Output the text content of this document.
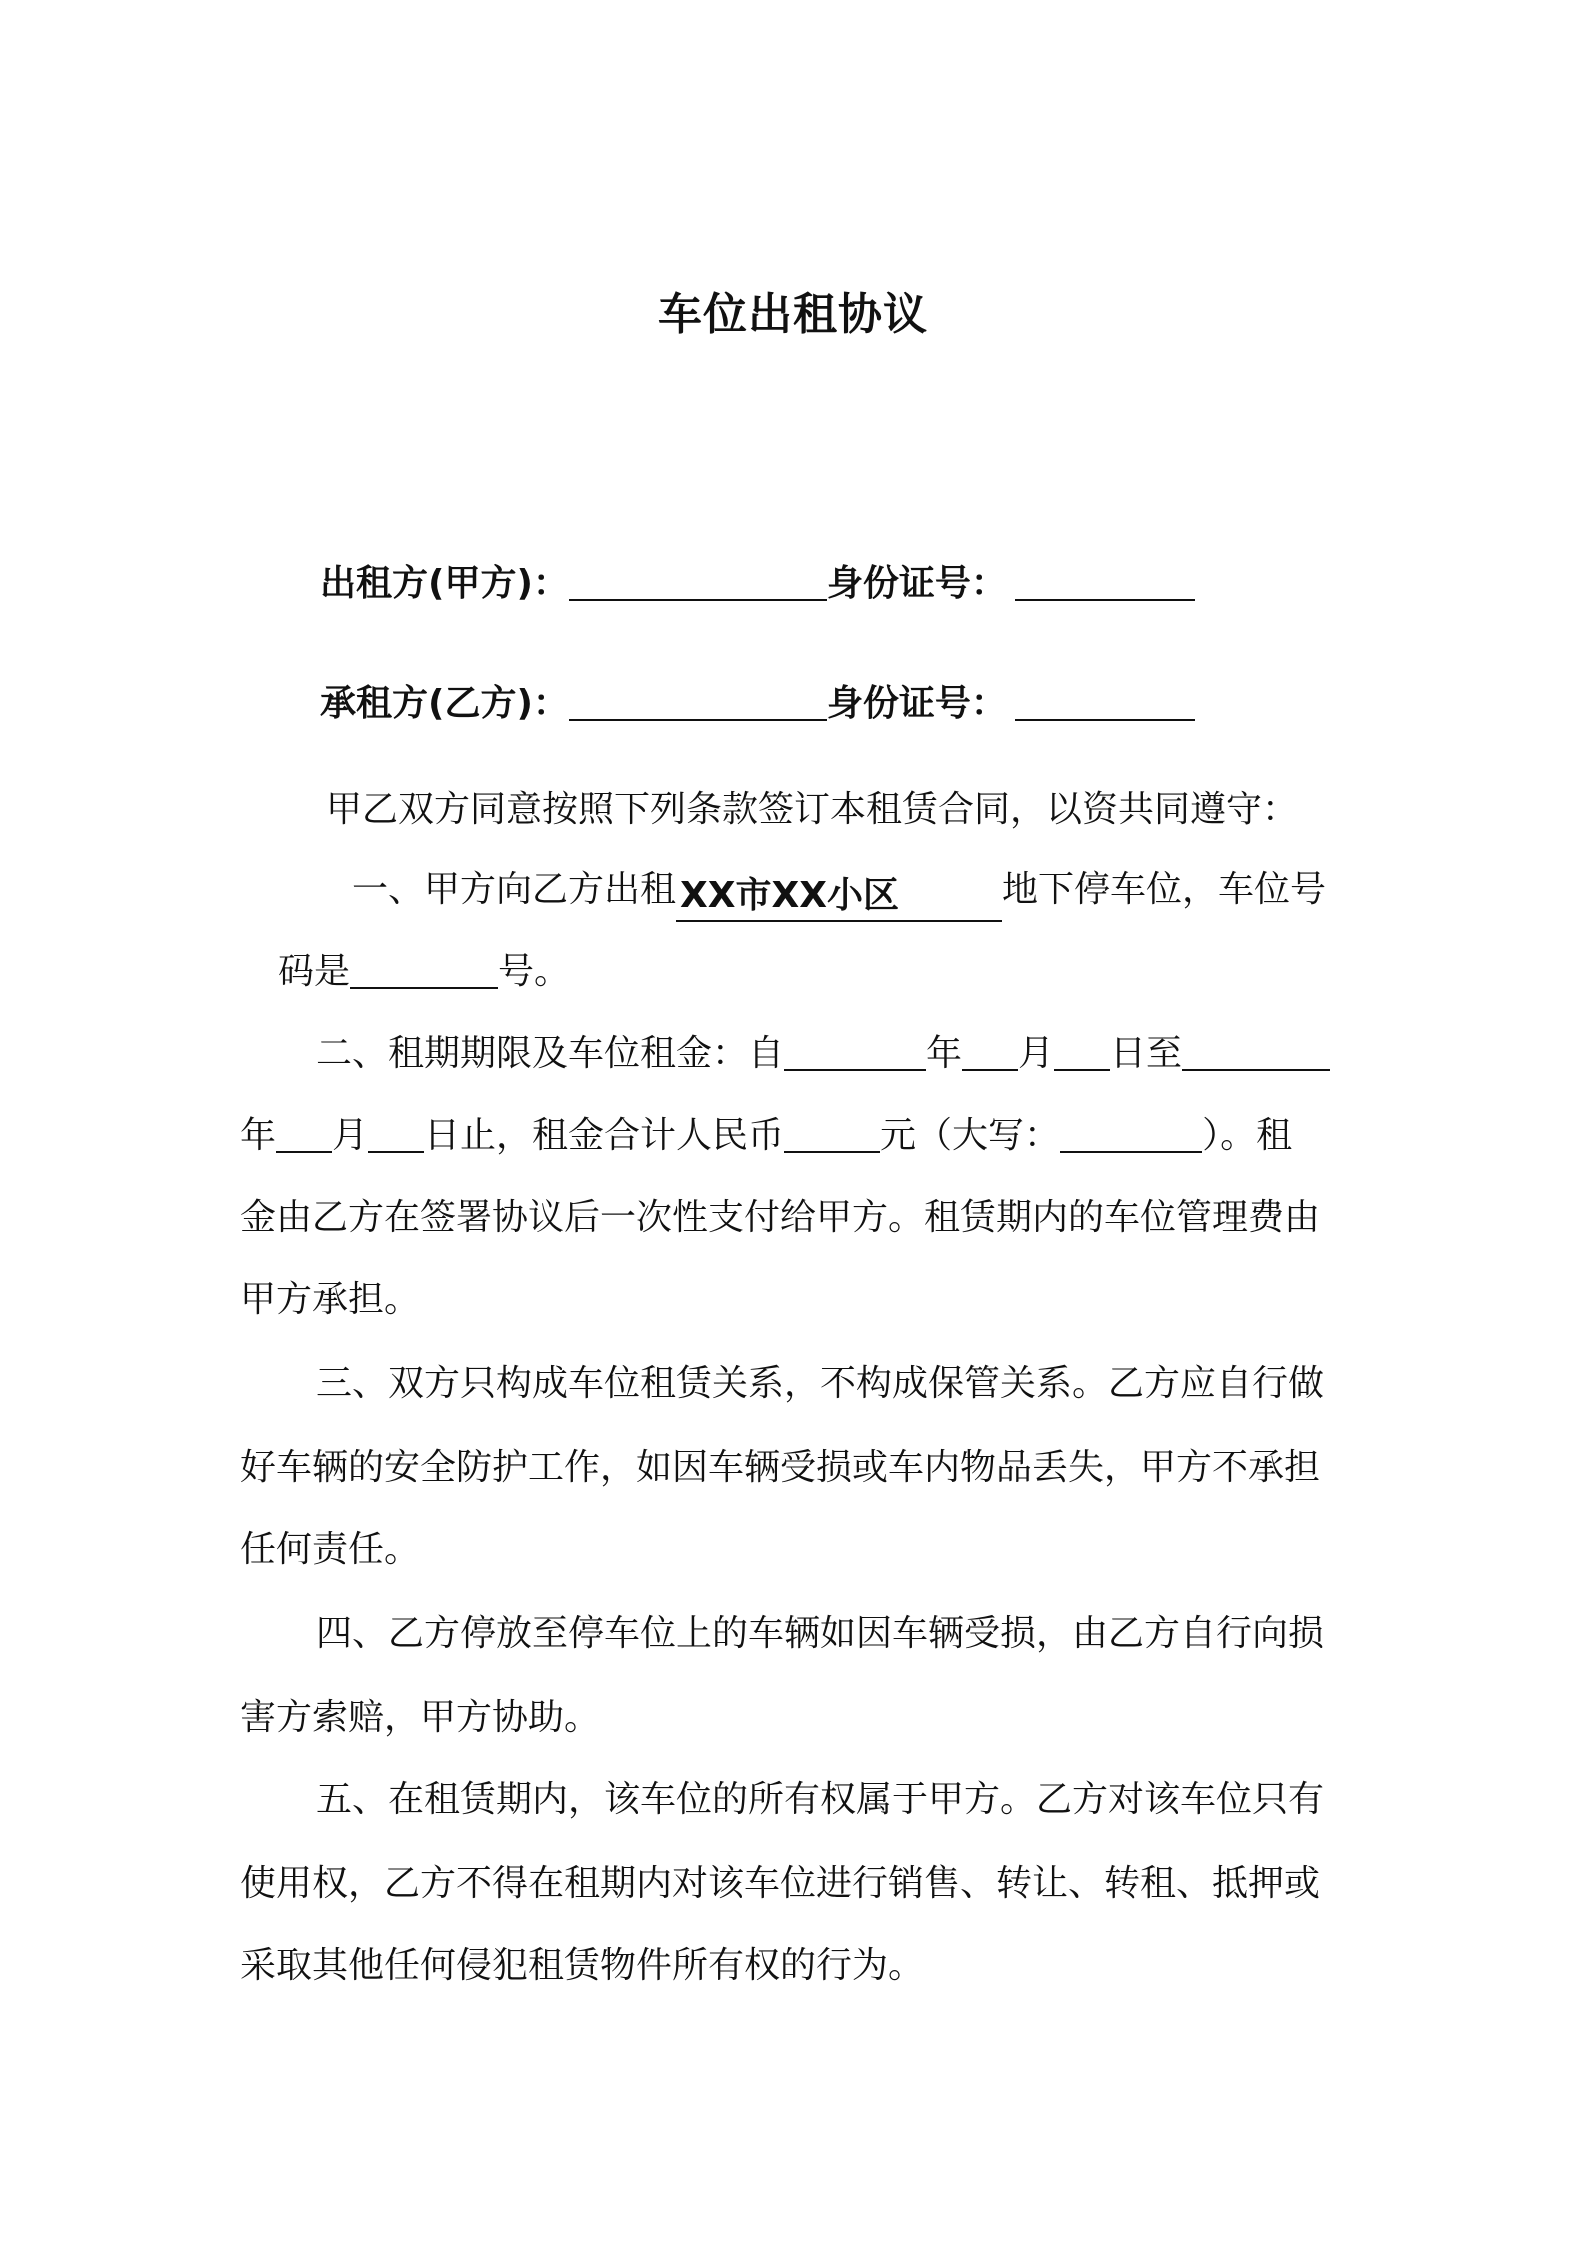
车位出租协议
出租方(甲方)：	身份证号：
承租方(乙方)：	身份证号：
甲乙双方同意按照下列条款签订本租赁合同，以资共同遵守：
一、甲方向乙方出租 XX市XX小区	地下停车位，车位号
码是	号。
二、租期期限及车位租金：自	年 月 日至
年 月 日止，租金合计人民币	元（大写：	）。租
金由乙方在签署协议后一次性支付给甲方。租赁期内的车位管理费由
甲方承担。
三、双方只构成车位租赁关系，不构成保管关系。乙方应自行做
好车辆的安全防护工作，如因车辆受损或车内物品丢失，甲方不承担
任何责任。
四、乙方停放至停车位上的车辆如因车辆受损，由乙方自行向损
害方索赔，甲方协助。
五、在租赁期内，该车位的所有权属于甲方。乙方对该车位只有
使用权，乙方不得在租期内对该车位进行销售、转让、转租、抵押或
采取其他任何侵犯租赁物件所有权的行为。
